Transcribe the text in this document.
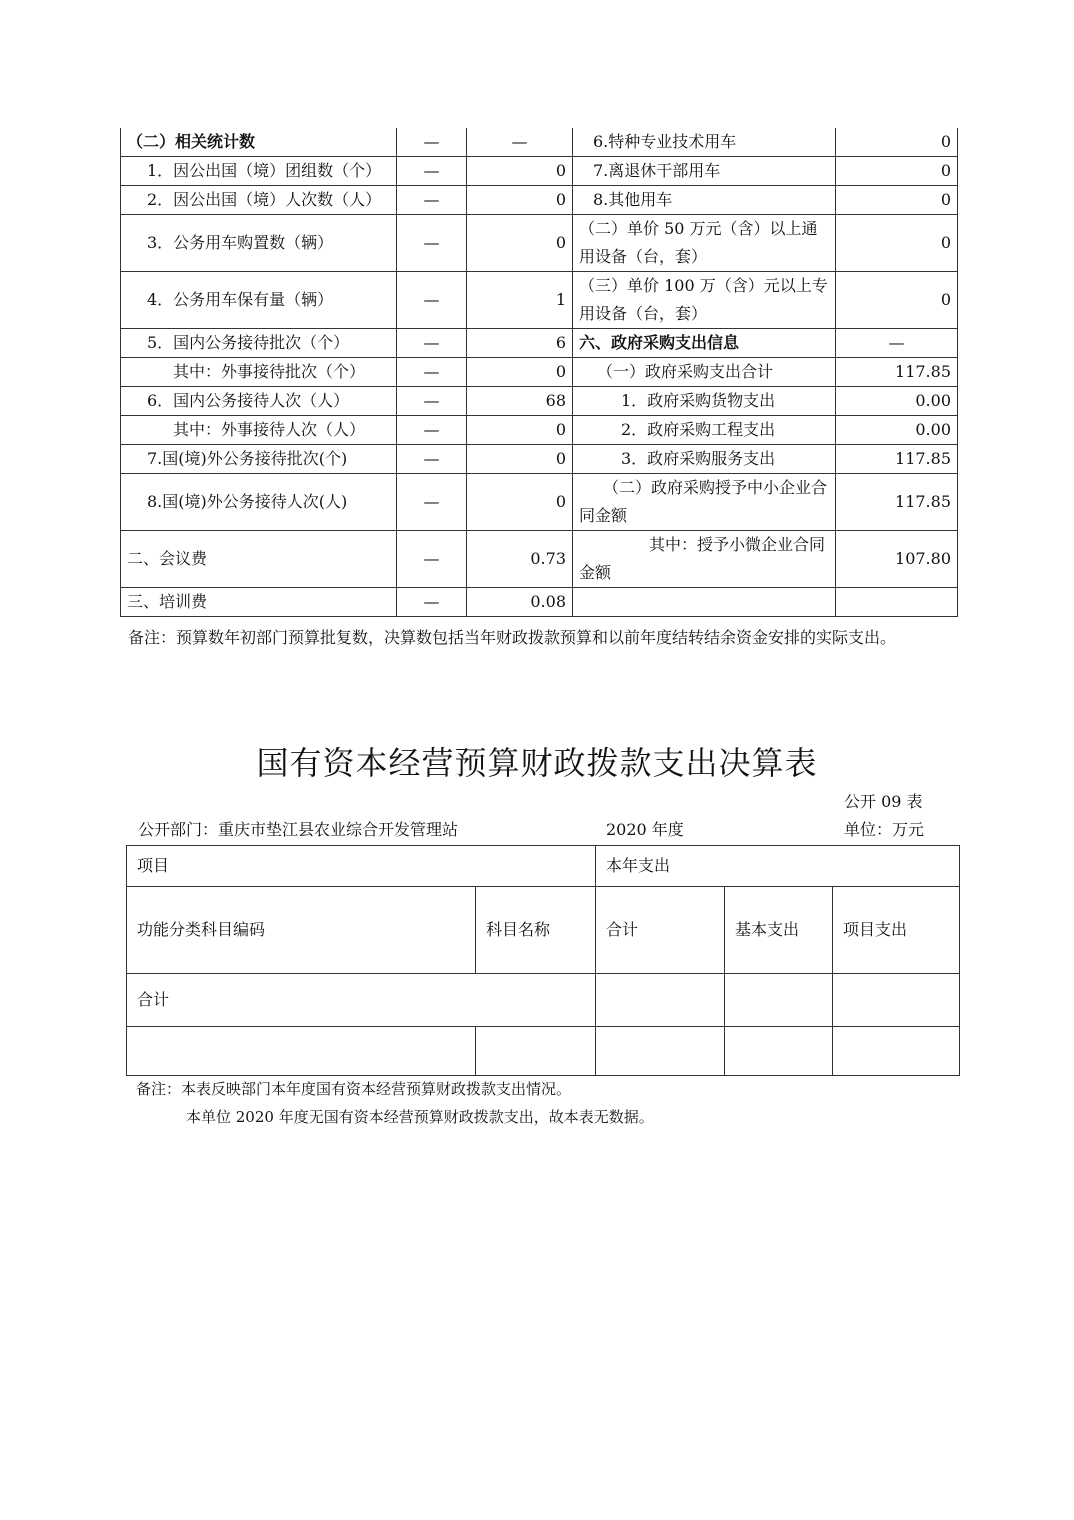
（二）相关统计数	—	—	6.特种专业技术用车	0
1．因公出国（境）团组数（个）	—	0	7.离退休干部用车	0
2．因公出国（境）人次数（人）	—	0	8.其他用车	0
3．公务用车购置数（辆）	—	0	（二）单价 50 万元（含）以上通用设备（台，套）	0
4．公务用车保有量（辆）	—	1	（三）单价 100 万（含）元以上专用设备（台，套）	0
5．国内公务接待批次（个）	—	6	六、政府采购支出信息	—
其中：外事接待批次（个）	—	0	（一）政府采购支出合计	117.85
6．国内公务接待人次（人）	—	68	1．政府采购货物支出	0.00
其中：外事接待人次（人）	—	0	2．政府采购工程支出	0.00
7.国(境)外公务接待批次(个)	—	0	3．政府采购服务支出	117.85
8.国(境)外公务接待人次(人)	—	0	（二）政府采购授予中小企业合同金额	117.85
二、会议费	—	0.73	其中：授予小微企业合同金额	107.80
三、培训费	—	0.08		
备注：预算数年初部门预算批复数，决算数包括当年财政拨款预算和以前年度结转结余资金安排的实际支出。
国有资本经营预算财政拨款支出决算表
公开 09 表
公开部门：重庆市垫江县农业综合开发管理站	2020 年度	单位：万元
项目		本年支出		
功能分类科目编码	科目名称	合计	基本支出	项目支出
合计				

备注：本表反映部门本年度国有资本经营预算财政拨款支出情况。
本单位 2020 年度无国有资本经营预算财政拨款支出，故本表无数据。
